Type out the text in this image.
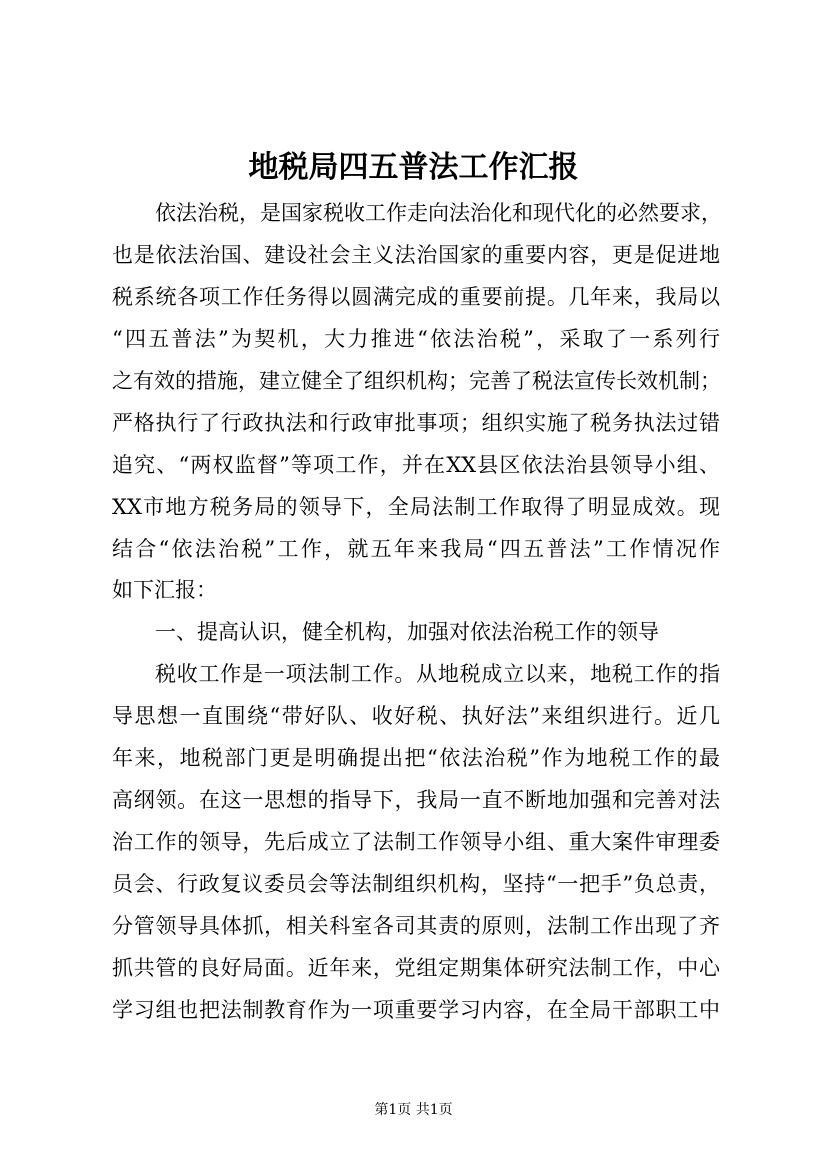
地税局四五普法工作汇报
依法治税，是国家税收工作走向法治化和现代化的必然要求，
也是依法治国、建设社会主义法治国家的重要内容，更是促进地
税系统各项工作任务得以圆满完成的重要前提。几年来，我局以
“四五普法”为契机，大力推进“依法治税”，采取了一系列行
之有效的措施，建立健全了组织机构；完善了税法宣传长效机制；
严格执行了行政执法和行政审批事项；组织实施了税务执法过错
追究、“两权监督”等项工作，并在XX县区依法治县领导小组、
XX市地方税务局的领导下，全局法制工作取得了明显成效。现
结合“依法治税”工作，就五年来我局“四五普法”工作情况作
如下汇报：
一、提高认识，健全机构，加强对依法治税工作的领导
税收工作是一项法制工作。从地税成立以来，地税工作的指
导思想一直围绕“带好队、收好税、执好法”来组织进行。近几
年来，地税部门更是明确提出把“依法治税”作为地税工作的最
高纲领。在这一思想的指导下，我局一直不断地加强和完善对法
治工作的领导，先后成立了法制工作领导小组、重大案件审理委
员会、行政复议委员会等法制组织机构，坚持“一把手”负总责，
分管领导具体抓，相关科室各司其责的原则，法制工作出现了齐
抓共管的良好局面。近年来，党组定期集体研究法制工作，中心
学习组也把法制教育作为一项重要学习内容，在全局干部职工中
第1页 共1页
